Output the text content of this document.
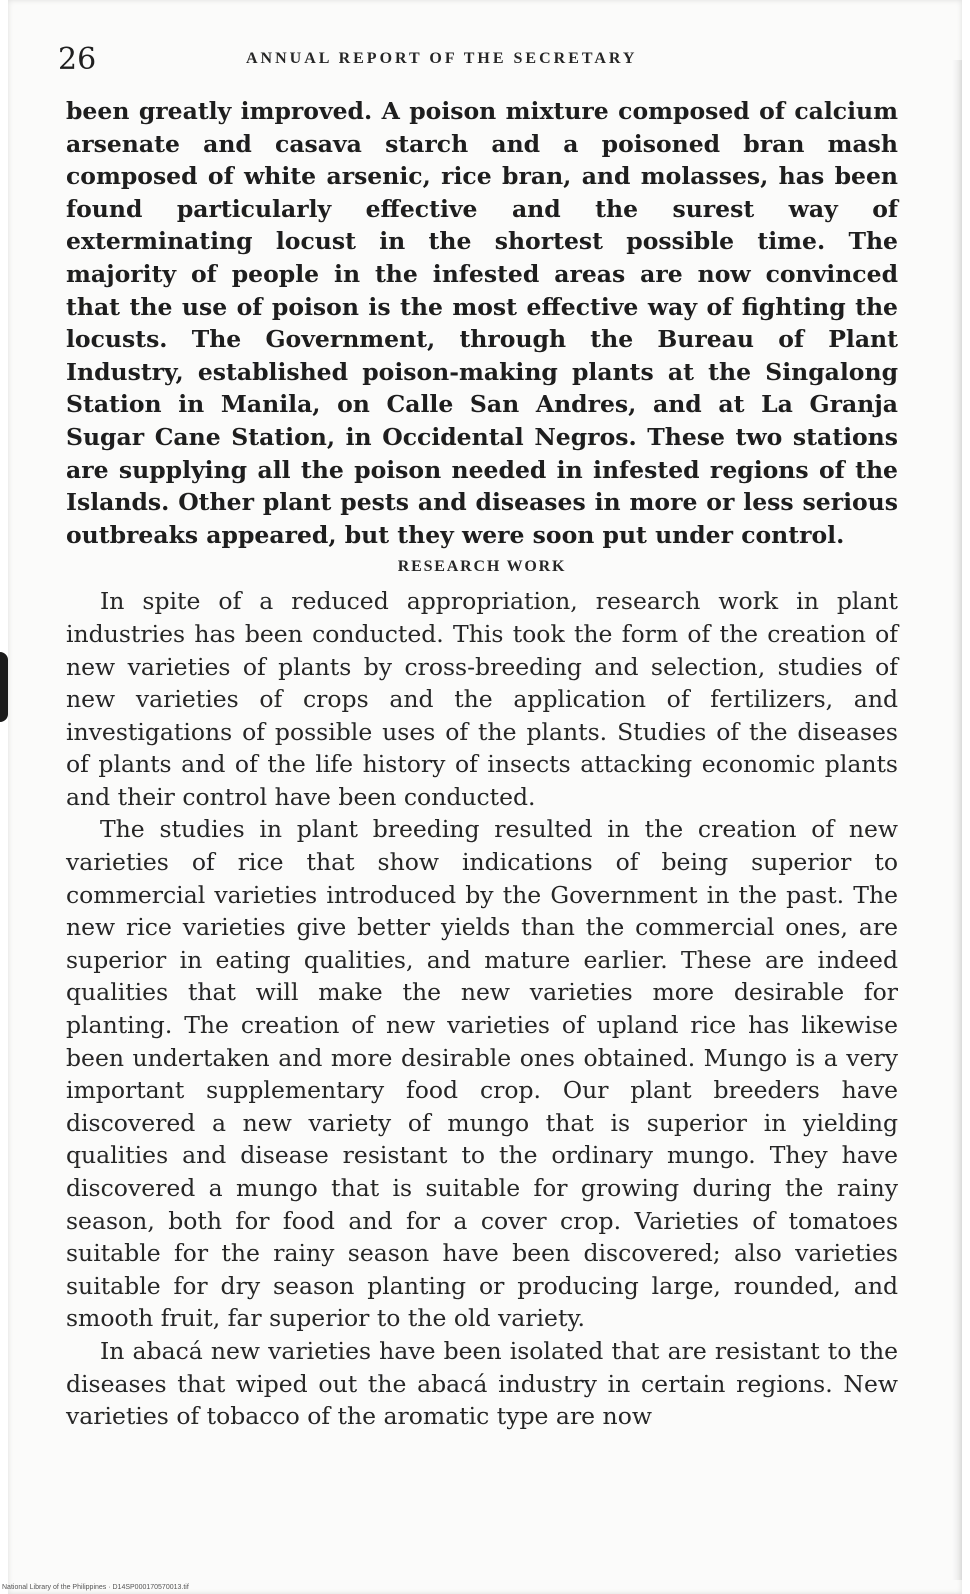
26	ANNUAL REPORT OF THE SECRETARY

been greatly improved. A poison mixture composed of calcium arsenate and casava starch and a poisoned bran mash composed of white arsenic, rice bran, and molasses, has been found particularly effective and the surest way of exterminating locust in the shortest possible time. The majority of people in the infested areas are now convinced that the use of poison is the most effective way of fighting the locusts. The Government, through the Bureau of Plant Industry, established poison-making plants at the Singalong Station in Manila, on Calle San Andres, and at La Granja Sugar Cane Station, in Occidental Negros. These two stations are supplying all the poison needed in infested regions of the Islands. Other plant pests and diseases in more or less serious outbreaks appeared, but they were soon put under control.

RESEARCH WORK

In spite of a reduced appropriation, research work in plant industries has been conducted. This took the form of the creation of new varieties of plants by cross-breeding and selection, studies of new varieties of crops and the application of fertilizers, and investigations of possible uses of the plants. Studies of the diseases of plants and of the life history of insects attacking economic plants and their control have been conducted.

The studies in plant breeding resulted in the creation of new varieties of rice that show indications of being superior to commercial varieties introduced by the Government in the past. The new rice varieties give better yields than the commercial ones, are superior in eating qualities, and mature earlier. These are indeed qualities that will make the new varieties more desirable for planting. The creation of new varieties of upland rice has likewise been undertaken and more desirable ones obtained. Mungo is a very important supplementary food crop. Our plant breeders have discovered a new variety of mungo that is superior in yielding qualities and disease resistant to the ordinary mungo. They have discovered a mungo that is suitable for growing during the rainy season, both for food and for a cover crop. Varieties of tomatoes suitable for the rainy season have been discovered; also varieties suitable for dry season planting or producing large, rounded, and smooth fruit, far superior to the old variety.

In abacá new varieties have been isolated that are resistant to the diseases that wiped out the abacá industry in certain regions. New varieties of tobacco of the aromatic type are now

National Library of the Philippines · D14SP000170570013.tif
